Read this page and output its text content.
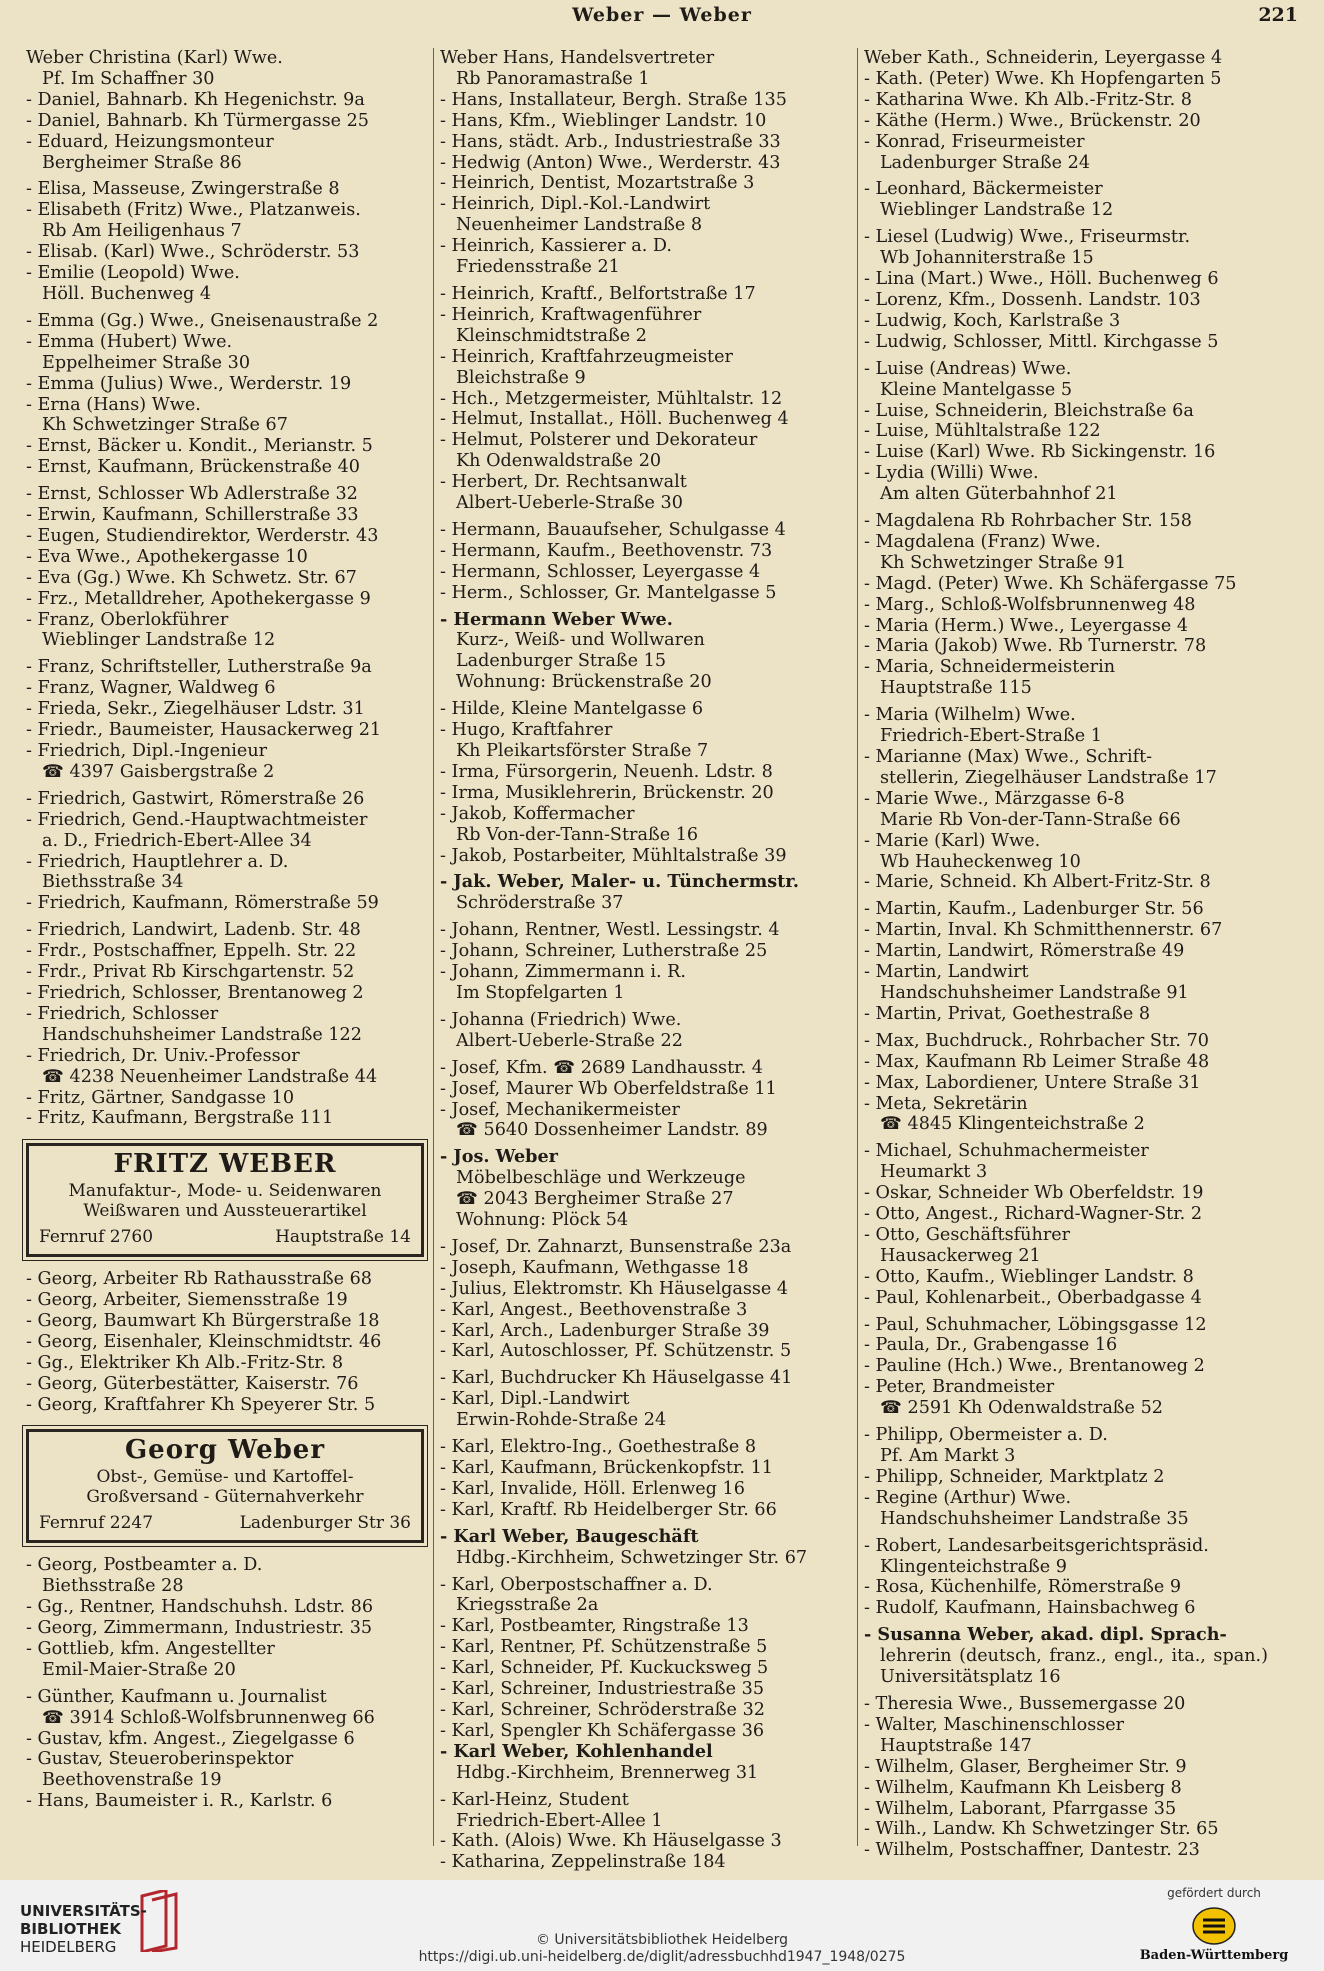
Weber — Weber	221
Weber Christina (Karl) Wwe.
Pf. Im Schaffner 30
- Daniel, Bahnarb. Kh Hegenichstr. 9a
- Daniel, Bahnarb. Kh Türmergasse 25
- Eduard, Heizungsmonteur
Bergheimer Straße 86
- Elisa, Masseuse, Zwingerstraße 8
- Elisabeth (Fritz) Wwe., Platzanweis.
Rb Am Heiligenhaus 7
- Elisab. (Karl) Wwe., Schröderstr. 53
- Emilie (Leopold) Wwe.
Höll. Buchenweg 4
- Emma (Gg.) Wwe., Gneisenaustraße 2
- Emma (Hubert) Wwe.
Eppelheimer Straße 30
- Emma (Julius) Wwe., Werderstr. 19
- Erna (Hans) Wwe.
Kh Schwetzinger Straße 67
- Ernst, Bäcker u. Kondit., Merianstr. 5
- Ernst, Kaufmann, Brückenstraße 40
- Ernst, Schlosser Wb Adlerstraße 32
- Erwin, Kaufmann, Schillerstraße 33
- Eugen, Studiendirektor, Werderstr. 43
- Eva Wwe., Apothekergasse 10
- Eva (Gg.) Wwe. Kh Schwetz. Str. 67
- Frz., Metalldreher, Apothekergasse 9
- Franz, Oberlokführer
Wieblinger Landstraße 12
- Franz, Schriftsteller, Lutherstraße 9a
- Franz, Wagner, Waldweg 6
- Frieda, Sekr., Ziegelhäuser Ldstr. 31
- Friedr., Baumeister, Hausackerweg 21
- Friedrich, Dipl.-Ingenieur
☎ 4397 Gaisbergstraße 2
- Friedrich, Gastwirt, Römerstraße 26
- Friedrich, Gend.-Hauptwachtmeister
a. D., Friedrich-Ebert-Allee 34
- Friedrich, Hauptlehrer a. D.
Biethsstraße 34
- Friedrich, Kaufmann, Römerstraße 59
- Friedrich, Landwirt, Ladenb. Str. 48
- Frdr., Postschaffner, Eppelh. Str. 22
- Frdr., Privat Rb Kirschgartenstr. 52
- Friedrich, Schlosser, Brentanoweg 2
- Friedrich, Schlosser
Handschuhsheimer Landstraße 122
- Friedrich, Dr. Univ.-Professor
☎ 4238 Neuenheimer Landstraße 44
- Fritz, Gärtner, Sandgasse 10
- Fritz, Kaufmann, Bergstraße 111
FRITZ WEBER
Manufaktur-, Mode- u. Seidenwaren
Weißwaren und Aussteuerartikel
Fernruf 2760	Hauptstraße 14
- Georg, Arbeiter Rb Rathausstraße 68
- Georg, Arbeiter, Siemensstraße 19
- Georg, Baumwart Kh Bürgerstraße 18
- Georg, Eisenhaler, Kleinschmidtstr. 46
- Gg., Elektriker Kh Alb.-Fritz-Str. 8
- Georg, Güterbestätter, Kaiserstr. 76
- Georg, Kraftfahrer Kh Speyerer Str. 5
Georg Weber
Obst-, Gemüse- und Kartoffel-
Großversand - Güternahverkehr
Fernruf 2247	Ladenburger Str 36
- Georg, Postbeamter a. D.
Biethsstraße 28
- Gg., Rentner, Handschuhsh. Ldstr. 86
- Georg, Zimmermann, Industriestr. 35
- Gottlieb, kfm. Angestellter
Emil-Maier-Straße 20
- Günther, Kaufmann u. Journalist
☎ 3914 Schloß-Wolfsbrunnenweg 66
- Gustav, kfm. Angest., Ziegelgasse 6
- Gustav, Steueroberinspektor
Beethovenstraße 19
- Hans, Baumeister i. R., Karlstr. 6
Weber Hans, Handelsvertreter
Rb Panoramastraße 1
- Hans, Installateur, Bergh. Straße 135
- Hans, Kfm., Wieblinger Landstr. 10
- Hans, städt. Arb., Industriestraße 33
- Hedwig (Anton) Wwe., Werderstr. 43
- Heinrich, Dentist, Mozartstraße 3
- Heinrich, Dipl.-Kol.-Landwirt
Neuenheimer Landstraße 8
- Heinrich, Kassierer a. D.
Friedensstraße 21
- Heinrich, Kraftf., Belfortstraße 17
- Heinrich, Kraftwagenführer
Kleinschmidtstraße 2
- Heinrich, Kraftfahrzeugmeister
Bleichstraße 9
- Hch., Metzgermeister, Mühltalstr. 12
- Helmut, Installat., Höll. Buchenweg 4
- Helmut, Polsterer und Dekorateur
Kh Odenwaldstraße 20
- Herbert, Dr. Rechtsanwalt
Albert-Ueberle-Straße 30
- Hermann, Bauaufseher, Schulgasse 4
- Hermann, Kaufm., Beethovenstr. 73
- Hermann, Schlosser, Leyergasse 4
- Herm., Schlosser, Gr. Mantelgasse 5
- Hermann Weber Wwe.
Kurz-, Weiß- und Wollwaren
Ladenburger Straße 15
Wohnung: Brückenstraße 20
- Hilde, Kleine Mantelgasse 6
- Hugo, Kraftfahrer
Kh Pleikartsförster Straße 7
- Irma, Fürsorgerin, Neuenh. Ldstr. 8
- Irma, Musiklehrerin, Brückenstr. 20
- Jakob, Koffermacher
Rb Von-der-Tann-Straße 16
- Jakob, Postarbeiter, Mühltalstraße 39
- Jak. Weber, Maler- u. Tünchermstr.
Schröderstraße 37
- Johann, Rentner, Westl. Lessingstr. 4
- Johann, Schreiner, Lutherstraße 25
- Johann, Zimmermann i. R.
Im Stopfelgarten 1
- Johanna (Friedrich) Wwe.
Albert-Ueberle-Straße 22
- Josef, Kfm. ☎ 2689 Landhausstr. 4
- Josef, Maurer Wb Oberfeldstraße 11
- Josef, Mechanikermeister
☎ 5640 Dossenheimer Landstr. 89
- Jos. Weber
Möbelbeschläge und Werkzeuge
☎ 2043 Bergheimer Straße 27
Wohnung: Plöck 54
- Josef, Dr. Zahnarzt, Bunsenstraße 23a
- Joseph, Kaufmann, Wethgasse 18
- Julius, Elektromstr. Kh Häuselgasse 4
- Karl, Angest., Beethovenstraße 3
- Karl, Arch., Ladenburger Straße 39
- Karl, Autoschlosser, Pf. Schützenstr. 5
- Karl, Buchdrucker Kh Häuselgasse 41
- Karl, Dipl.-Landwirt
Erwin-Rohde-Straße 24
- Karl, Elektro-Ing., Goethestraße 8
- Karl, Kaufmann, Brückenkopfstr. 11
- Karl, Invalide, Höll. Erlenweg 16
- Karl, Kraftf. Rb Heidelberger Str. 66
- Karl Weber, Baugeschäft
Hdbg.-Kirchheim, Schwetzinger Str. 67
- Karl, Oberpostschaffner a. D.
Kriegsstraße 2a
- Karl, Postbeamter, Ringstraße 13
- Karl, Rentner, Pf. Schützenstraße 5
- Karl, Schneider, Pf. Kuckucksweg 5
- Karl, Schreiner, Industriestraße 35
- Karl, Schreiner, Schröderstraße 32
- Karl, Spengler Kh Schäfergasse 36
- Karl Weber, Kohlenhandel
Hdbg.-Kirchheim, Brennerweg 31
- Karl-Heinz, Student
Friedrich-Ebert-Allee 1
- Kath. (Alois) Wwe. Kh Häuselgasse 3
- Katharina, Zeppelinstraße 184
Weber Kath., Schneiderin, Leyergasse 4
- Kath. (Peter) Wwe. Kh Hopfengarten 5
- Katharina Wwe. Kh Alb.-Fritz-Str. 8
- Käthe (Herm.) Wwe., Brückenstr. 20
- Konrad, Friseurmeister
Ladenburger Straße 24
- Leonhard, Bäckermeister
Wieblinger Landstraße 12
- Liesel (Ludwig) Wwe., Friseurmstr.
Wb Johanniterstraße 15
- Lina (Mart.) Wwe., Höll. Buchenweg 6
- Lorenz, Kfm., Dossenh. Landstr. 103
- Ludwig, Koch, Karlstraße 3
- Ludwig, Schlosser, Mittl. Kirchgasse 5
- Luise (Andreas) Wwe.
Kleine Mantelgasse 5
- Luise, Schneiderin, Bleichstraße 6a
- Luise, Mühltalstraße 122
- Luise (Karl) Wwe. Rb Sickingenstr. 16
- Lydia (Willi) Wwe.
Am alten Güterbahnhof 21
- Magdalena Rb Rohrbacher Str. 158
- Magdalena (Franz) Wwe.
Kh Schwetzinger Straße 91
- Magd. (Peter) Wwe. Kh Schäfergasse 75
- Marg., Schloß-Wolfsbrunnenweg 48
- Maria (Herm.) Wwe., Leyergasse 4
- Maria (Jakob) Wwe. Rb Turnerstr. 78
- Maria, Schneidermeisterin
Hauptstraße 115
- Maria (Wilhelm) Wwe.
Friedrich-Ebert-Straße 1
- Marianne (Max) Wwe., Schrift-
stellerin, Ziegelhäuser Landstraße 17
- Marie Wwe., Märzgasse 6-8
Marie Rb Von-der-Tann-Straße 66
- Marie (Karl) Wwe.
Wb Hauheckenweg 10
- Marie, Schneid. Kh Albert-Fritz-Str. 8
- Martin, Kaufm., Ladenburger Str. 56
- Martin, Inval. Kh Schmitthennerstr. 67
- Martin, Landwirt, Römerstraße 49
- Martin, Landwirt
Handschuhsheimer Landstraße 91
- Martin, Privat, Goethestraße 8
- Max, Buchdruck., Rohrbacher Str. 70
- Max, Kaufmann Rb Leimer Straße 48
- Max, Labordiener, Untere Straße 31
- Meta, Sekretärin
☎ 4845 Klingenteichstraße 2
- Michael, Schuhmachermeister
Heumarkt 3
- Oskar, Schneider Wb Oberfeldstr. 19
- Otto, Angest., Richard-Wagner-Str. 2
- Otto, Geschäftsführer
Hausackerweg 21
- Otto, Kaufm., Wieblinger Landstr. 8
- Paul, Kohlenarbeit., Oberbadgasse 4
- Paul, Schuhmacher, Löbingsgasse 12
- Paula, Dr., Grabengasse 16
- Pauline (Hch.) Wwe., Brentanoweg 2
- Peter, Brandmeister
☎ 2591 Kh Odenwaldstraße 52
- Philipp, Obermeister a. D.
Pf. Am Markt 3
- Philipp, Schneider, Marktplatz 2
- Regine (Arthur) Wwe.
Handschuhsheimer Landstraße 35
- Robert, Landesarbeitsgerichtspräsid.
Klingenteichstraße 9
- Rosa, Küchenhilfe, Römerstraße 9
- Rudolf, Kaufmann, Hainsbachweg 6
- Susanna Weber, akad. dipl. Sprach-
lehrerin (deutsch, franz., engl., ita., span.) Universitätsplatz 16
- Theresia Wwe., Bussemergasse 20
- Walter, Maschinenschlosser
Hauptstraße 147
- Wilhelm, Glaser, Bergheimer Str. 9
- Wilhelm, Kaufmann Kh Leisberg 8
- Wilhelm, Laborant, Pfarrgasse 35
- Wilh., Landw. Kh Schwetzinger Str. 65
- Wilhelm, Postschaffner, Dantestr. 23
UNIVERSITÄTS-
BIBLIOTHEK
HEIDELBERG	© Universitätsbibliothek Heidelberg
https://digi.ub.uni-heidelberg.de/diglit/adressbuchhd1947_1948/0275
gefördert durch
Baden-Württemberg
